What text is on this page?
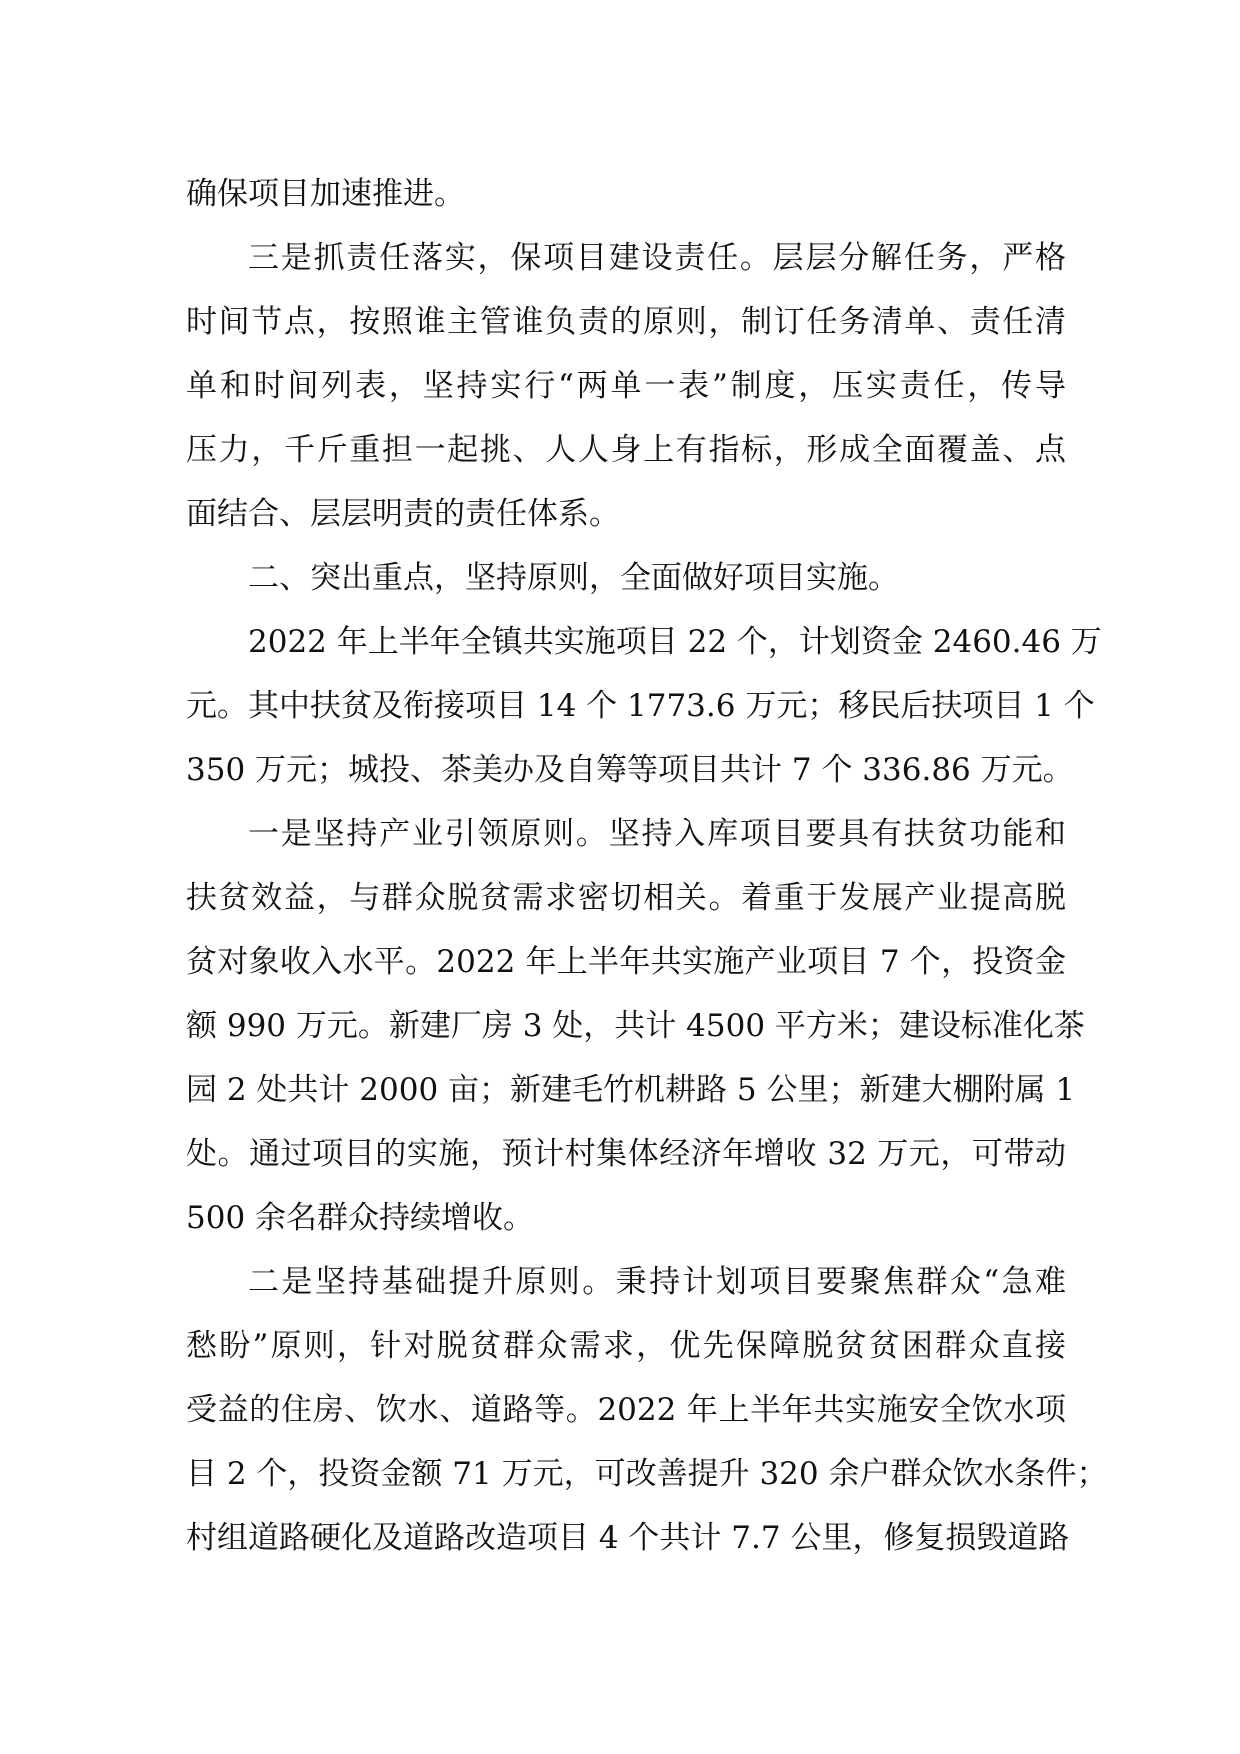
确保项目加速推进。
三是抓责任落实，保项目建设责任。层层分解任务，严格
时间节点，按照谁主管谁负责的原则，制订任务清单、责任清
单和时间列表，坚持实行“两单一表”制度，压实责任，传导
压力，千斤重担一起挑、人人身上有指标，形成全面覆盖、点
面结合、层层明责的责任体系。
二、突出重点，坚持原则，全面做好项目实施。
2022 年上半年全镇共实施项目 22 个，计划资金 2460.46 万
元。其中扶贫及衔接项目 14 个 1773.6 万元；移民后扶项目 1 个
350 万元；城投、茶美办及自筹等项目共计 7 个 336.86 万元。
一是坚持产业引领原则。坚持入库项目要具有扶贫功能和
扶贫效益，与群众脱贫需求密切相关。着重于发展产业提高脱
贫对象收入水平。2022 年上半年共实施产业项目 7 个，投资金
额 990 万元。新建厂房 3 处，共计 4500 平方米；建设标准化茶
园 2 处共计 2000 亩；新建毛竹机耕路 5 公里；新建大棚附属 1
处。通过项目的实施，预计村集体经济年增收 32 万元，可带动
500 余名群众持续增收。
二是坚持基础提升原则。秉持计划项目要聚焦群众“急难
愁盼”原则，针对脱贫群众需求，优先保障脱贫贫困群众直接
受益的住房、饮水、道路等。2022 年上半年共实施安全饮水项
目 2 个，投资金额 71 万元，可改善提升 320 余户群众饮水条件；
村组道路硬化及道路改造项目 4 个共计 7.7 公里，修复损毁道路
